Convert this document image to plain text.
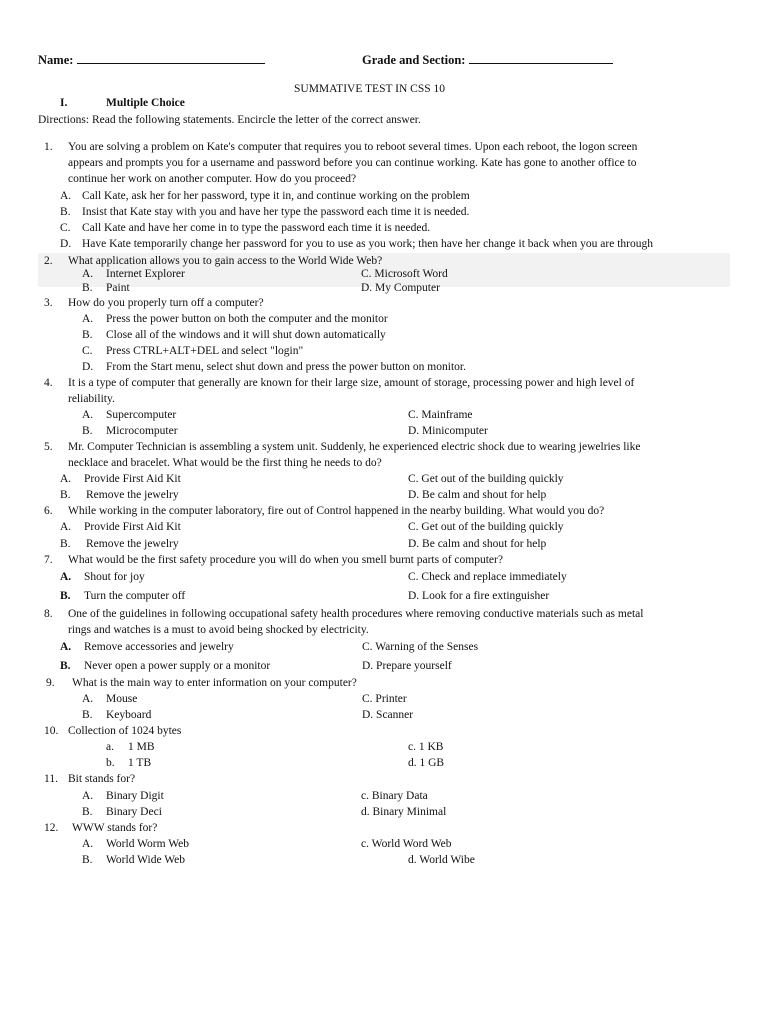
Name:	Grade and Section:
SUMMATIVE TEST IN CSS 10
I.	Multiple Choice
Directions: Read the following statements. Encircle the letter of the correct answer.
1. You are solving a problem on Kate's computer that requires you to reboot several times. Upon each reboot, the logon screen
appears and prompts you for a username and password before you can continue working. Kate has gone to another office to
continue her work on another computer. How do you proceed?
A. Call Kate, ask her for her password, type it in, and continue working on the problem
B. Insist that Kate stay with you and have her type the password each time it is needed.
C. Call Kate and have her come in to type the password each time it is needed.
D. Have Kate temporarily change her password for you to use as you work; then have her change it back when you are through
2. What application allows you to gain access to the World Wide Web?
A. Internet Explorer	C. Microsoft Word
B. Paint	D. My Computer
3. How do you properly turn off a computer?
A. Press the power button on both the computer and the monitor
B. Close all of the windows and it will shut down automatically
C. Press CTRL+ALT+DEL and select "login"
D. From the Start menu, select shut down and press the power button on monitor.
4. It is a type of computer that generally are known for their large size, amount of storage, processing power and high level of
reliability.
A. Supercomputer	C. Mainframe
B. Microcomputer	D. Minicomputer
5. Mr. Computer Technician is assembling a system unit. Suddenly, he experienced electric shock due to wearing jewelries like
necklace and bracelet. What would be the first thing he needs to do?
A. Provide First Aid Kit	C. Get out of the building quickly
B. Remove the jewelry	D. Be calm and shout for help
6. While working in the computer laboratory, fire out of Control happened in the nearby building. What would you do?
A. Provide First Aid Kit	C. Get out of the building quickly
B. Remove the jewelry	D. Be calm and shout for help
7. What would be the first safety procedure you will do when you smell burnt parts of computer?
A. Shout for joy	C. Check and replace immediately
B. Turn the computer off	D. Look for a fire extinguisher
8. One of the guidelines in following occupational safety health procedures where removing conductive materials such as metal
rings and watches is a must to avoid being shocked by electricity.
A. Remove accessories and jewelry	C. Warning of the Senses
B. Never open a power supply or a monitor	D. Prepare yourself
9. What is the main way to enter information on your computer?
A. Mouse	C. Printer
B. Keyboard	D. Scanner
10. Collection of 1024 bytes
a. 1 MB	c. 1 KB
b. 1 TB	d. 1 GB
11. Bit stands for?
A. Binary Digit	c. Binary Data
B. Binary Deci	d. Binary Minimal
12. WWW stands for?
A. World Worm Web	c. World Word Web
B. World Wide Web	d. World Wibe
